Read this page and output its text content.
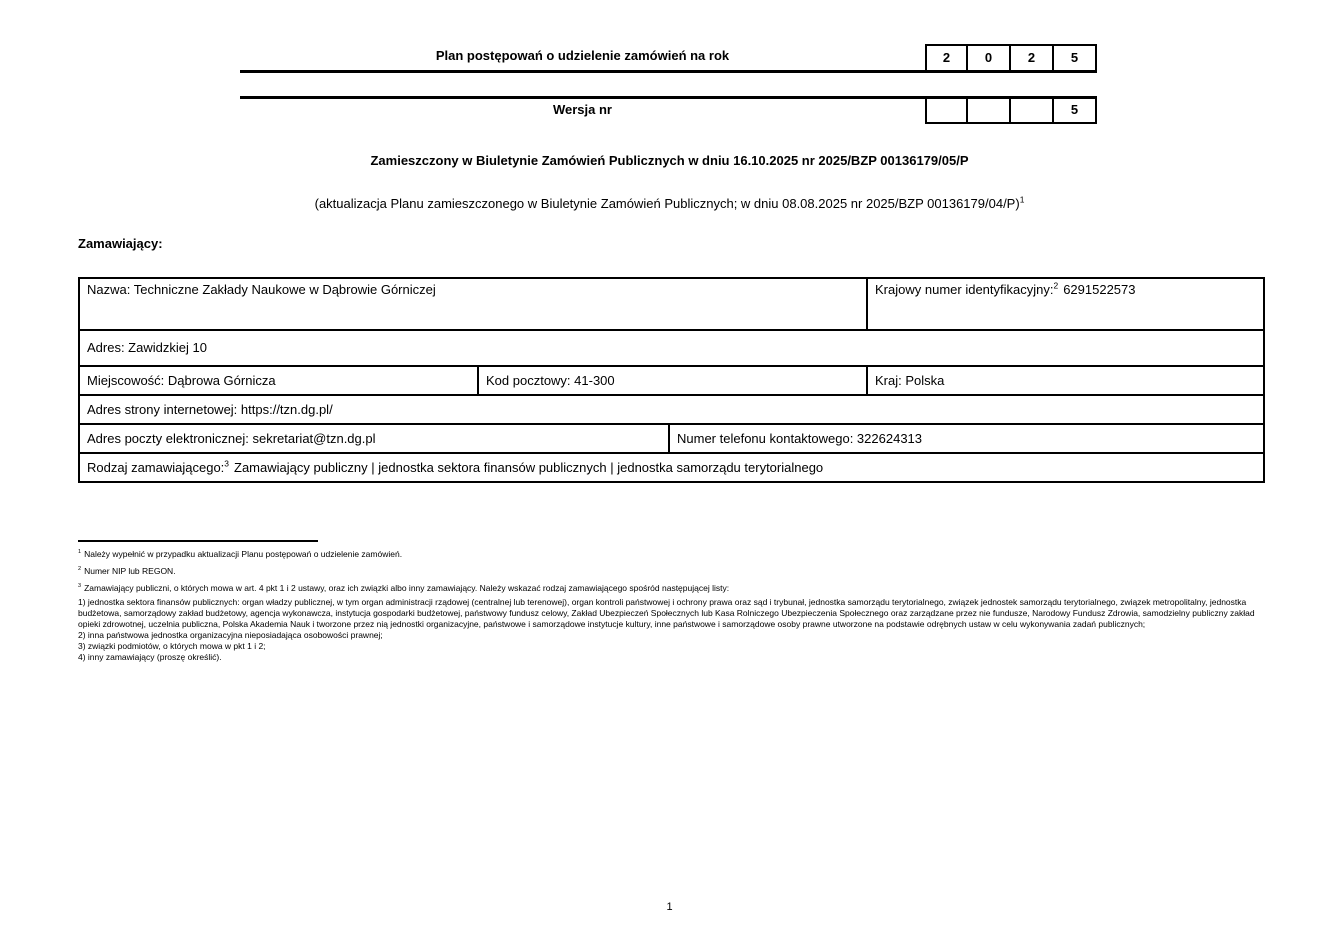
Plan postępowań o udzielenie zamówień na rok	2	0	2	5
Wersja nr	5
Zamieszczony w Biuletynie Zamówień Publicznych w dniu 16.10.2025 nr 2025/BZP 00136179/05/P
(aktualizacja Planu zamieszczonego w Biuletynie Zamówień Publicznych; w dniu 08.08.2025 nr 2025/BZP 00136179/04/P)$^1$
Zamawiający:
Nazwa: Techniczne Zakłady Naukowe w Dąbrowie Górniczej			Krajowy numer identyfikacyjny:$^2$ 6291522573
Adres: Zawidzkiej 10			
Miejscowość: Dąbrowa Górnicza	Kod pocztowy: 41-300		Kraj: Polska
Adres strony internetowej: https://tzn.dg.pl/			
Adres poczty elektronicznej: sekretariat@tzn.dg.pl		Numer telefonu kontaktowego: 322624313	
Rodzaj zamawiającego:$^3$ Zamawiający publiczny | jednostka sektora finansów publicznych | jednostka samorządu terytorialnego			
$^1$ Należy wypełnić w przypadku aktualizacji Planu postępowań o udzielenie zamówień.
$^2$ Numer NIP lub REGON.
$^3$ Zamawiający publiczni, o których mowa w art. 4 pkt 1 i 2 ustawy, oraz ich związki albo inny zamawiający. Należy wskazać rodzaj zamawiającego spośród następującej listy:
1) jednostka sektora finansów publicznych: organ władzy publicznej, w tym organ administracji rządowej (centralnej lub terenowej), organ kontroli państwowej i ochrony prawa oraz sąd i trybunał, jednostka samorządu terytorialnego, związek jednostek samorządu terytorialnego, związek metropolitalny, jednostka budżetowa, samorządowy zakład budżetowy, agencja wykonawcza, instytucja gospodarki budżetowej, państwowy fundusz celowy, Zakład Ubezpieczeń Społecznych lub Kasa Rolniczego Ubezpieczenia Społecznego oraz zarządzane przez nie fundusze, Narodowy Fundusz Zdrowia, samodzielny publiczny zakład opieki zdrowotnej, uczelnia publiczna, Polska Akademia Nauk i tworzone przez nią jednostki organizacyjne, państwowe i samorządowe instytucje kultury, inne państwowe i samorządowe osoby prawne utworzone na podstawie odrębnych ustaw w celu wykonywania zadań publicznych;
2) inna państwowa jednostka organizacyjna nieposiadająca osobowości prawnej;
3) związki podmiotów, o których mowa w pkt 1 i 2;
4) inny zamawiający (proszę określić).
1
